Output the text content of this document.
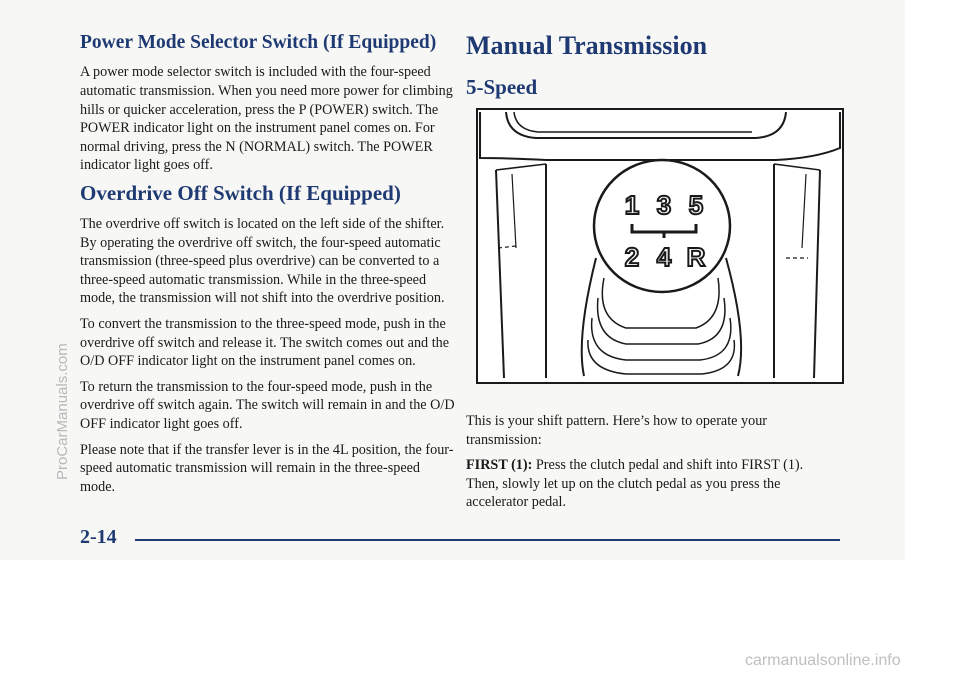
Power Mode Selector Switch (If Equipped)

A power mode selector switch is included with the four-speed automatic transmission. When you need more power for climbing hills or quicker acceleration, press the P (POWER) switch. The POWER indicator light on the instrument panel comes on. For normal driving, press the N (NORMAL) switch. The POWER indicator light goes off.

Overdrive Off Switch (If Equipped)

The overdrive off switch is located on the left side of the shifter. By operating the overdrive off switch, the four-speed automatic transmission (three-speed plus overdrive) can be converted to a three-speed automatic transmission. While in the three-speed mode, the transmission will not shift into the overdrive position.

To convert the transmission to the three-speed mode, push in the overdrive off switch and release it. The switch comes out and the O/D OFF indicator light on the instrument panel comes on.

To return the transmission to the four-speed mode, push in the overdrive off switch again. The switch will remain in and the O/D OFF indicator light goes off.

Please note that if the transfer lever is in the 4L position, the four-speed automatic transmission will remain in the three-speed mode.

Manual Transmission
5-Speed
1 3 5
2 4 R

This is your shift pattern. Here’s how to operate your transmission:

FIRST (1): Press the clutch pedal and shift into FIRST (1). Then, slowly let up on the clutch pedal as you press the accelerator pedal.

2-14
ProCarManuals.com
carmanualsonline.info
